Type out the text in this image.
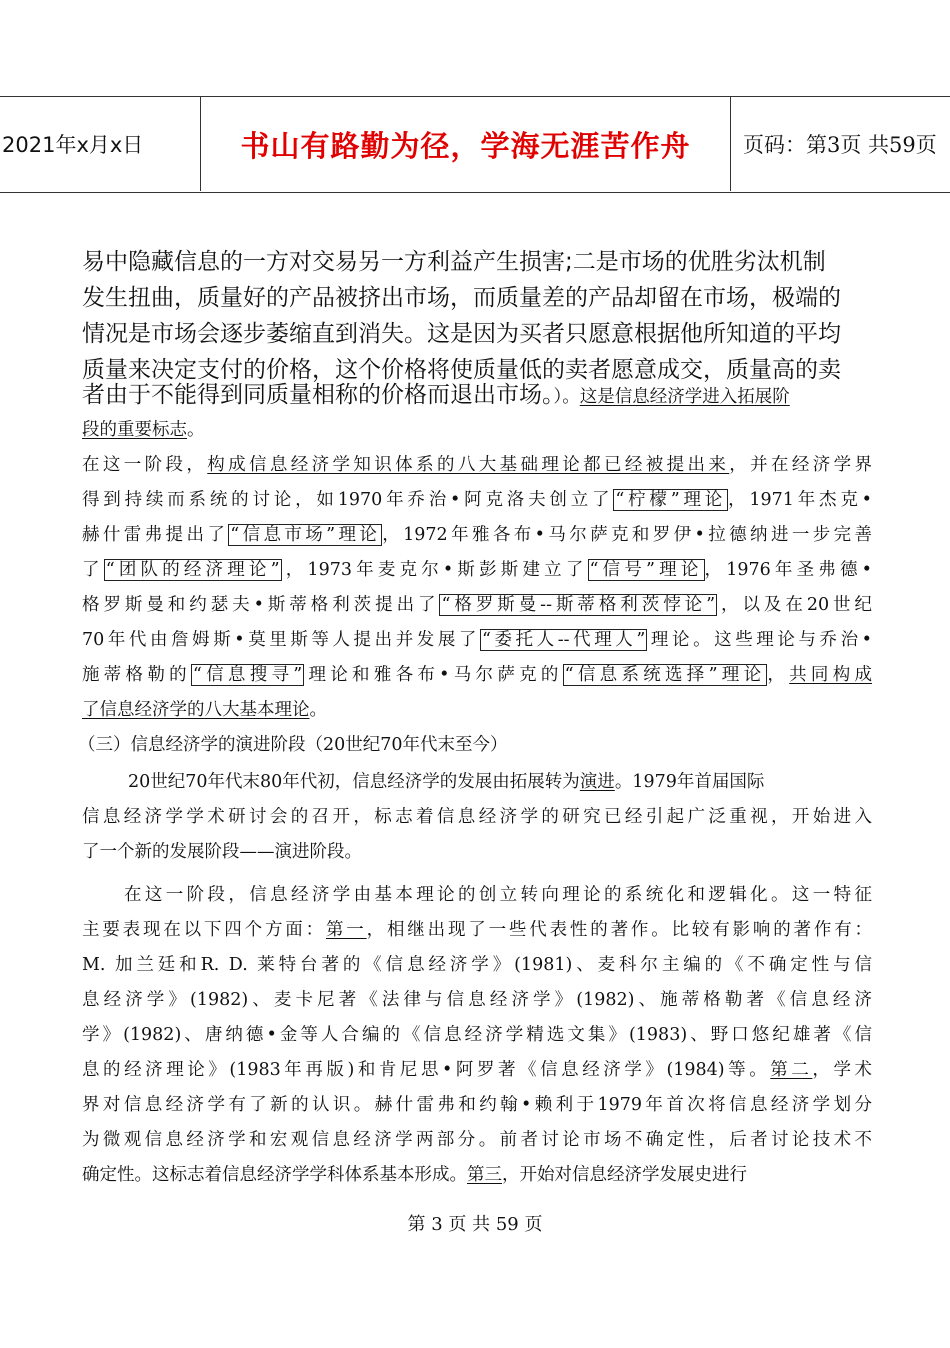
2021年x月x日	书山有路勤为径，学海无涯苦作舟	页码：第3页 共59页

易中隐藏信息的一方对交易另一方利益产生损害;二是市场的优胜劣汰机制

发生扭曲，质量好的产品被挤出市场，而质量差的产品却留在市场，极端的

情况是市场会逐步萎缩直到消失。这是因为买者只愿意根据他所知道的平均

质量来决定支付的价格，这个价格将使质量低的卖者愿意成交，质量高的卖

者由于不能得到同质量相称的价格而退出市场。）。这是信息经济学进入拓展阶
段的重要标志。
在这一阶段，构成信息经济学知识体系的八大基础理论都已经被提出来，并在经济学界
得到持续而系统的讨论，如1970年乔治•阿克洛夫创立了 “柠檬”理论 ，1971年杰克•
赫什雷弗提出了 “信息市场”理论 ，1972年雅各布•马尔萨克和罗伊•拉德纳进一步完善
了 “团队的经济理论” ，1973年麦克尔•斯彭斯建立了 “信号”理论 ，1976年圣弗德•
格罗斯曼和约瑟夫•斯蒂格利茨提出了 “格罗斯曼--斯蒂格利茨悖论” ，以及在20世纪
70年代由詹姆斯•莫里斯等人提出并发展了 “委托人--代理人” 理论。这些理论与乔治•
施蒂格勒的 “信息搜寻” 理论和雅各布•马尔萨克的 “信息系统选择”理论 ，共同构成
了信息经济学的八大基本理论。
（三）信息经济学的演进阶段（20世纪70年代末至今）
20世纪70年代末80年代初，信息经济学的发展由拓展转为演进。1979年首届国际
信息经济学学术研讨会的召开，标志着信息经济学的研究已经引起广泛重视，开始进入
了一个新的发展阶段——演进阶段。
在这一阶段，信息经济学由基本理论的创立转向理论的系统化和逻辑化。这一特征
主要表现在以下四个方面：第一，相继出现了一些代表性的著作。比较有影响的著作有：
M. 加兰廷和R. D. 莱特台著的《信息经济学》(1981)、麦科尔主编的《不确定性与信
息经济学》(1982)、麦卡尼著《法律与信息经济学》(1982)、施蒂格勒著《信息经济
学》(1982)、唐纳德•金等人合编的《信息经济学精选文集》(1983)、野口悠纪雄著《信
息的经济理论》(1983年再版)和肯尼思•阿罗著《信息经济学》(1984)等。第二，学术
界对信息经济学有了新的认识。赫什雷弗和约翰•赖利于1979年首次将信息经济学划分
为微观信息经济学和宏观信息经济学两部分。前者讨论市场不确定性，后者讨论技术不
确定性。这标志着信息经济学学科体系基本形成。第三，开始对信息经济学发展史进行
第 3 页 共 59 页
